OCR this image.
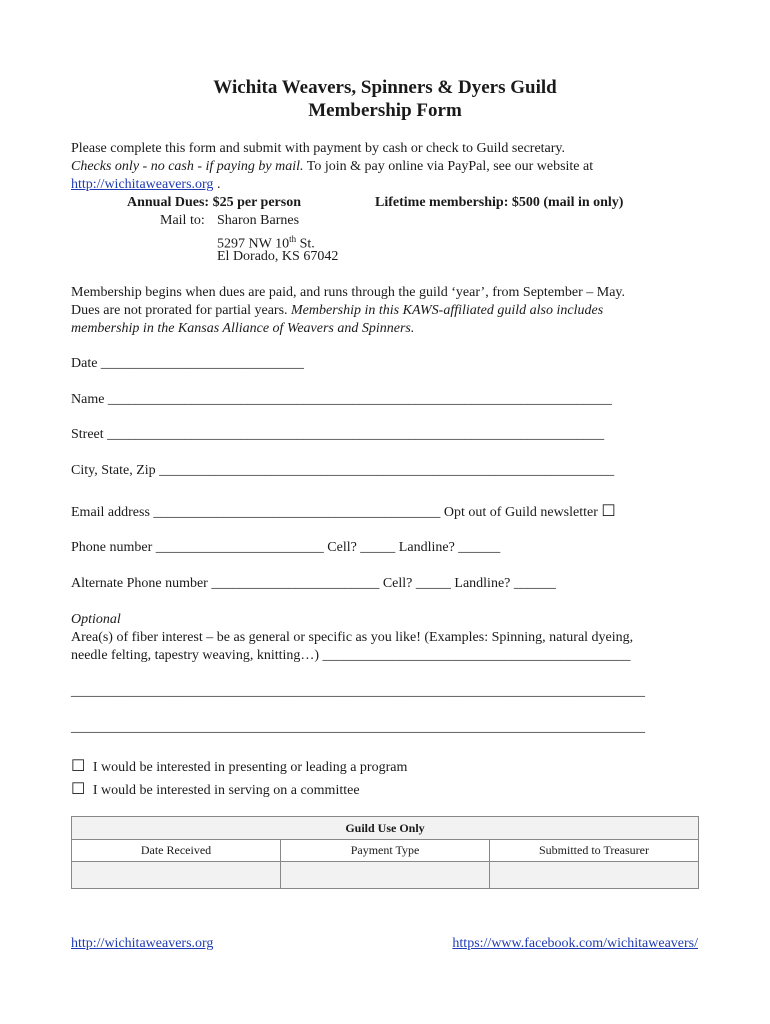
Wichita Weavers, Spinners & Dyers Guild
Membership Form
Please complete this form and submit with payment by cash or check to Guild secretary.
Checks only - no cash - if paying by mail. To join & pay online via PayPal, see our website at
http://wichitaweavers.org .
Annual Dues: $25 per person	Lifetime membership: $500 (mail in only)
Mail to: Sharon Barnes
5297 NW 10th St.
El Dorado, KS 67042
Membership begins when dues are paid, and runs through the guild ‘year’, from September – May.
Dues are not prorated for partial years. Membership in this KAWS-affiliated guild also includes
membership in the Kansas Alliance of Weavers and Spinners.
Date _____________________________
Name ________________________________________________________________________
Street _______________________________________________________________________
City, State, Zip _________________________________________________________________
Email address _________________________________________ Opt out of Guild newsletter ☐
Phone number ________________________ Cell? _____ Landline? ______
Alternate Phone number ________________________ Cell? _____ Landline? ______
Optional
Area(s) of fiber interest – be as general or specific as you like! (Examples: Spinning, natural dyeing,
needle felting, tapestry weaving, knitting…) ____________________________________________
__________________________________________________________________________________
__________________________________________________________________________________
☐ I would be interested in presenting or leading a program
☐ I would be interested in serving on a committee
Guild Use Only		
Date Received	Payment Type	Submitted to Treasurer

http://wichitaweavers.org	https://www.facebook.com/wichitaweavers/
